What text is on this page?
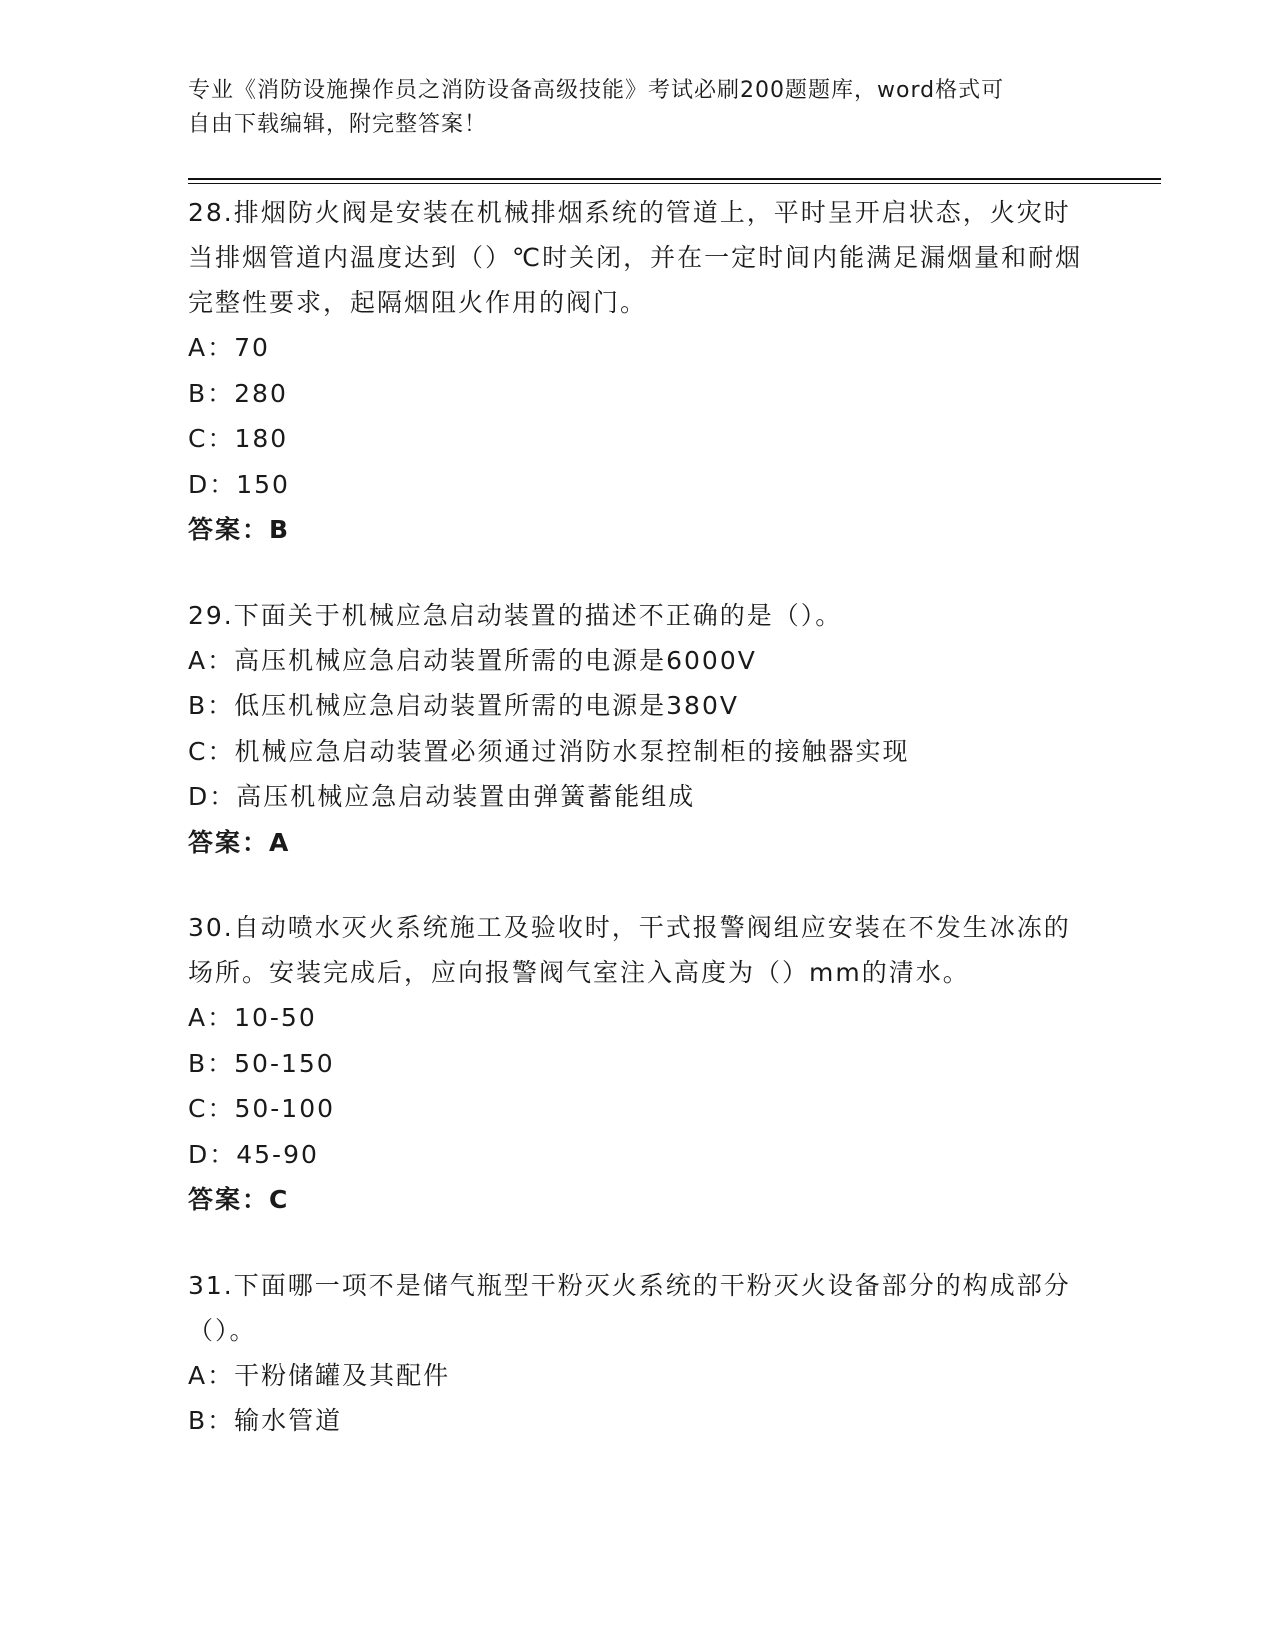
专业《消防设施操作员之消防设备高级技能》考试必刷200题题库，word格式可
自由下载编辑，附完整答案！

28.排烟防火阀是安装在机械排烟系统的管道上，平时呈开启状态，火灾时当排烟管道内温度达到（）℃时关闭，并在一定时间内能满足漏烟量和耐烟完整性要求，起隔烟阻火作用的阀门。

A：70

B：280

C：180

D：150

答案：B

29.下面关于机械应急启动装置的描述不正确的是（）。

A：高压机械应急启动装置所需的电源是6000V

B：低压机械应急启动装置所需的电源是380V

C：机械应急启动装置必须通过消防水泵控制柜的接触器实现

D：高压机械应急启动装置由弹簧蓄能组成

答案：A

30.自动喷水灭火系统施工及验收时，干式报警阀组应安装在不发生冰冻的场所。安装完成后，应向报警阀气室注入高度为（）mm的清水。

A：10-50

B：50-150

C：50-100

D：45-90

答案：C

31.下面哪一项不是储气瓶型干粉灭火系统的干粉灭火设备部分的构成部分（）。

A：干粉储罐及其配件

B：输水管道
